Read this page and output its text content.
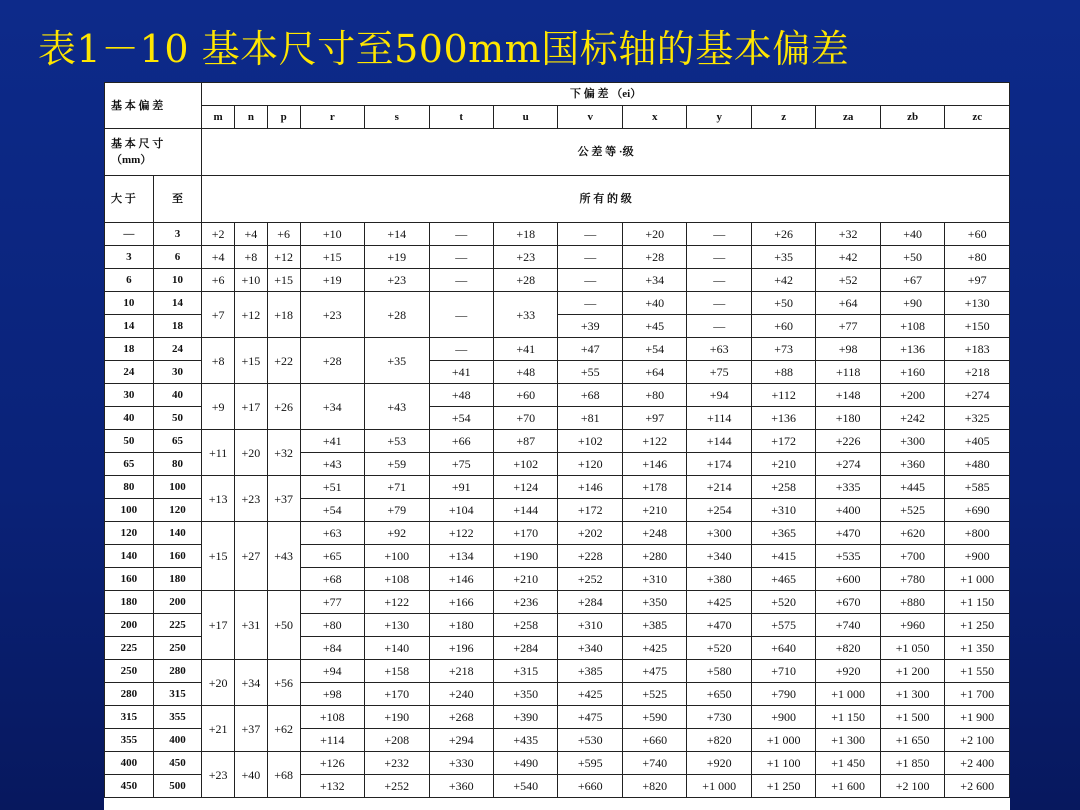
表1－10 基本尺寸至500mm国标轴的基本偏差
基 本 偏 差		下 偏 差 （ei）													
		m	n	p	r	s	t	u	v	x	y	z	za	zb	zc

基 本 尺 寸
（mm）		公 差 等 ·级													
大 于	至	所 有 的 级													
—	3	+2	+4	+6	+10	+14	—	+18	—	+20	—	+26	+32	+40	+60
3	6	+4	+8	+12	+15	+19	—	+23	—	+28	—	+35	+42	+50	+80
6	10	+6	+10	+15	+19	+23	—	+28	—	+34	—	+42	+52	+67	+97
10	14	+7	+12	+18	+23	+28	—	+33	—	+40	—	+50	+64	+90	+130
14	18								+39	+45	—	+60	+77	+108	+150
18	24	+8	+15	+22	+28	+35	—	+41	+47	+54	+63	+73	+98	+136	+183
24	30						+41	+48	+55	+64	+75	+88	+118	+160	+218
30	40	+9	+17	+26	+34	+43	+48	+60	+68	+80	+94	+112	+148	+200	+274
40	50						+54	+70	+81	+97	+114	+136	+180	+242	+325
50	65	+11	+20	+32	+41	+53	+66	+87	+102	+122	+144	+172	+226	+300	+405
65	80				+43	+59	+75	+102	+120	+146	+174	+210	+274	+360	+480
80	100	+13	+23	+37	+51	+71	+91	+124	+146	+178	+214	+258	+335	+445	+585
100	120				+54	+79	+104	+144	+172	+210	+254	+310	+400	+525	+690
120	140	+15	+27	+43	+63	+92	+122	+170	+202	+248	+300	+365	+470	+620	+800
140	160				+65	+100	+134	+190	+228	+280	+340	+415	+535	+700	+900
160	180				+68	+108	+146	+210	+252	+310	+380	+465	+600	+780	+1 000
180	200	+17	+31	+50	+77	+122	+166	+236	+284	+350	+425	+520	+670	+880	+1 150
200	225				+80	+130	+180	+258	+310	+385	+470	+575	+740	+960	+1 250
225	250				+84	+140	+196	+284	+340	+425	+520	+640	+820	+1 050	+1 350
250	280	+20	+34	+56	+94	+158	+218	+315	+385	+475	+580	+710	+920	+1 200	+1 550
280	315				+98	+170	+240	+350	+425	+525	+650	+790	+1 000	+1 300	+1 700
315	355	+21	+37	+62	+108	+190	+268	+390	+475	+590	+730	+900	+1 150	+1 500	+1 900
355	400				+114	+208	+294	+435	+530	+660	+820	+1 000	+1 300	+1 650	+2 100
400	450	+23	+40	+68	+126	+232	+330	+490	+595	+740	+920	+1 100	+1 450	+1 850	+2 400
450	500				+132	+252	+360	+540	+660	+820	+1 000	+1 250	+1 600	+2 100	+2 600
